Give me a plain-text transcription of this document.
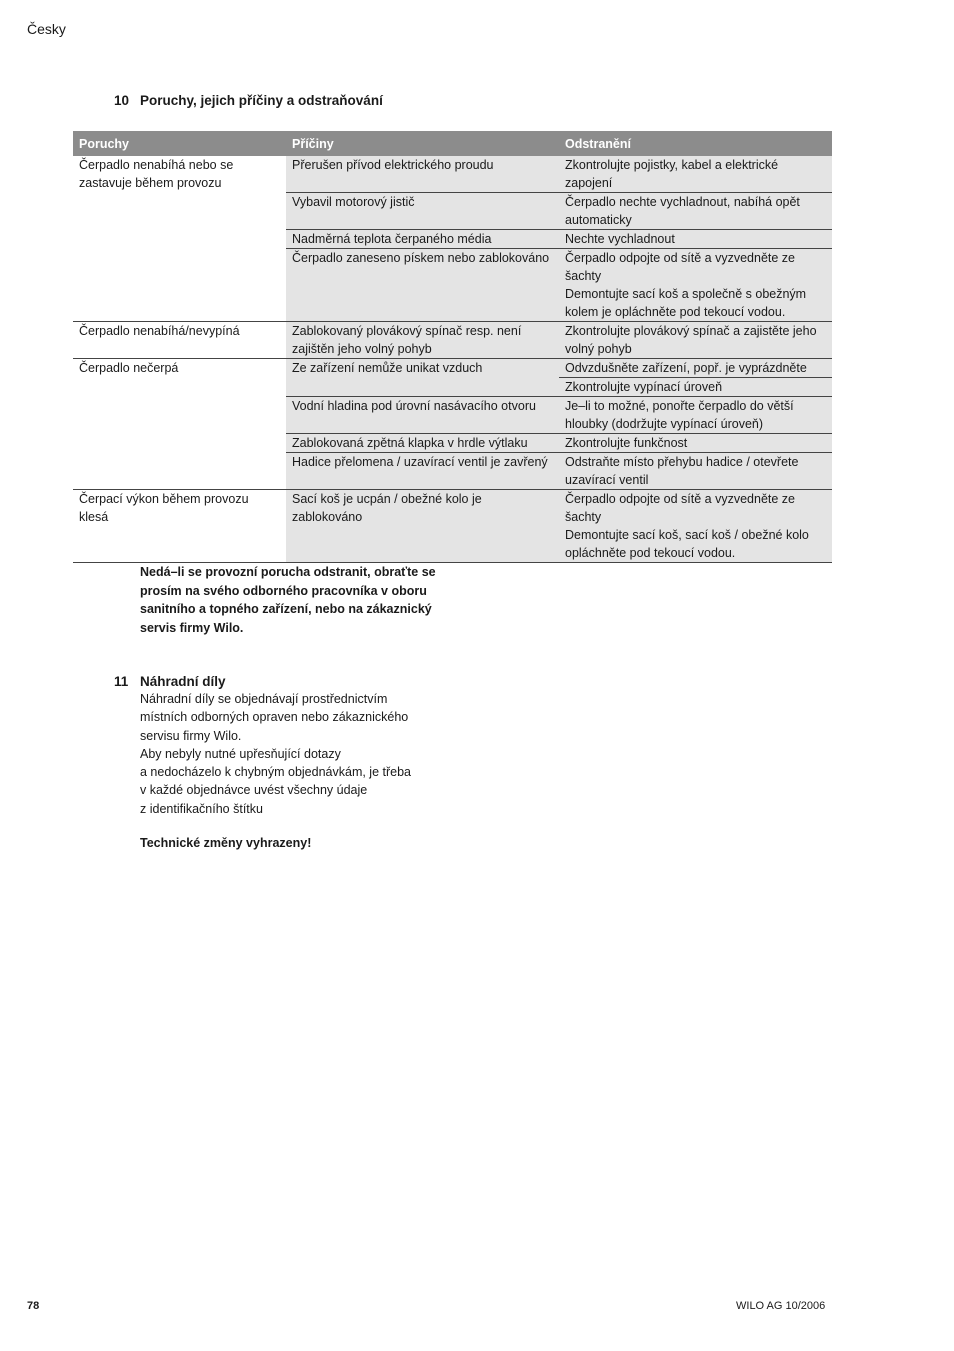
Česky
10 Poruchy, jejich příčiny a odstraňování
Poruchy	Příčiny	Odstranění
Čerpadlo nenabíhá nebo se zastavuje během provozu	Přerušen přívod elektrického proudu	Zkontrolujte pojistky, kabel a elektrické zapojení
	Vybavil motorový jistič	Čerpadlo nechte vychladnout, nabíhá opět automaticky
	Nadměrná teplota čerpaného média	Nechte vychladnout
	Čerpadlo zaneseno pískem nebo zablokováno	Čerpadlo odpojte od sítě a vyzvedněte ze šachty
Demontujte sací koš a společně s obežným kolem je opláchněte pod tekoucí vodou.

Čerpadlo nenabíhá/nevypíná	Zablokovaný plovákový spínač resp. není zajištěn jeho volný pohyb	Zkontrolujte plovákový spínač a zajistěte jeho volný pohyb
Čerpadlo nečerpá	Ze zařízení nemůže unikat vzduch	Odvzdušněte zařízení, popř. je vyprázdněte
		Zkontrolujte vypínací úroveň
	Vodní hladina pod úrovní nasávacího otvoru	Je–li to možné, ponořte čerpadlo do větší hloubky (dodržujte vypínací úroveň)
	Zablokovaná zpětná klapka v hrdle výtlaku	Zkontrolujte funkčnost
	Hadice přelomena / uzavírací ventil je zavřený	Odstraňte místo přehybu hadice / otevřete uzavírací ventil
Čerpací výkon během provozu klesá	Sací koš je ucpán / obežné kolo je zablokováno	Čerpadlo odpojte od sítě a vyzvedněte ze šachty
Demontujte sací koš, sací koš / obežné kolo opláchněte pod tekoucí vodou.
Nedá–li se provozní porucha odstranit, obraťte se prosím na svého odborného pracovníka v oboru sanitního a topného zařízení, nebo na zákaznický servis firmy Wilo.
11 Náhradní díly
Náhradní díly se objednávají prostřednictvím
místních odborných opraven nebo zákaznického
servisu firmy Wilo.
Aby nebyly nutné upřesňující dotazy
a nedocházelo k chybným objednávkám, je třeba
v každé objednávce uvést všechny údaje
z identifikačního štítku
Technické změny vyhrazeny!
78	WILO AG 10/2006
